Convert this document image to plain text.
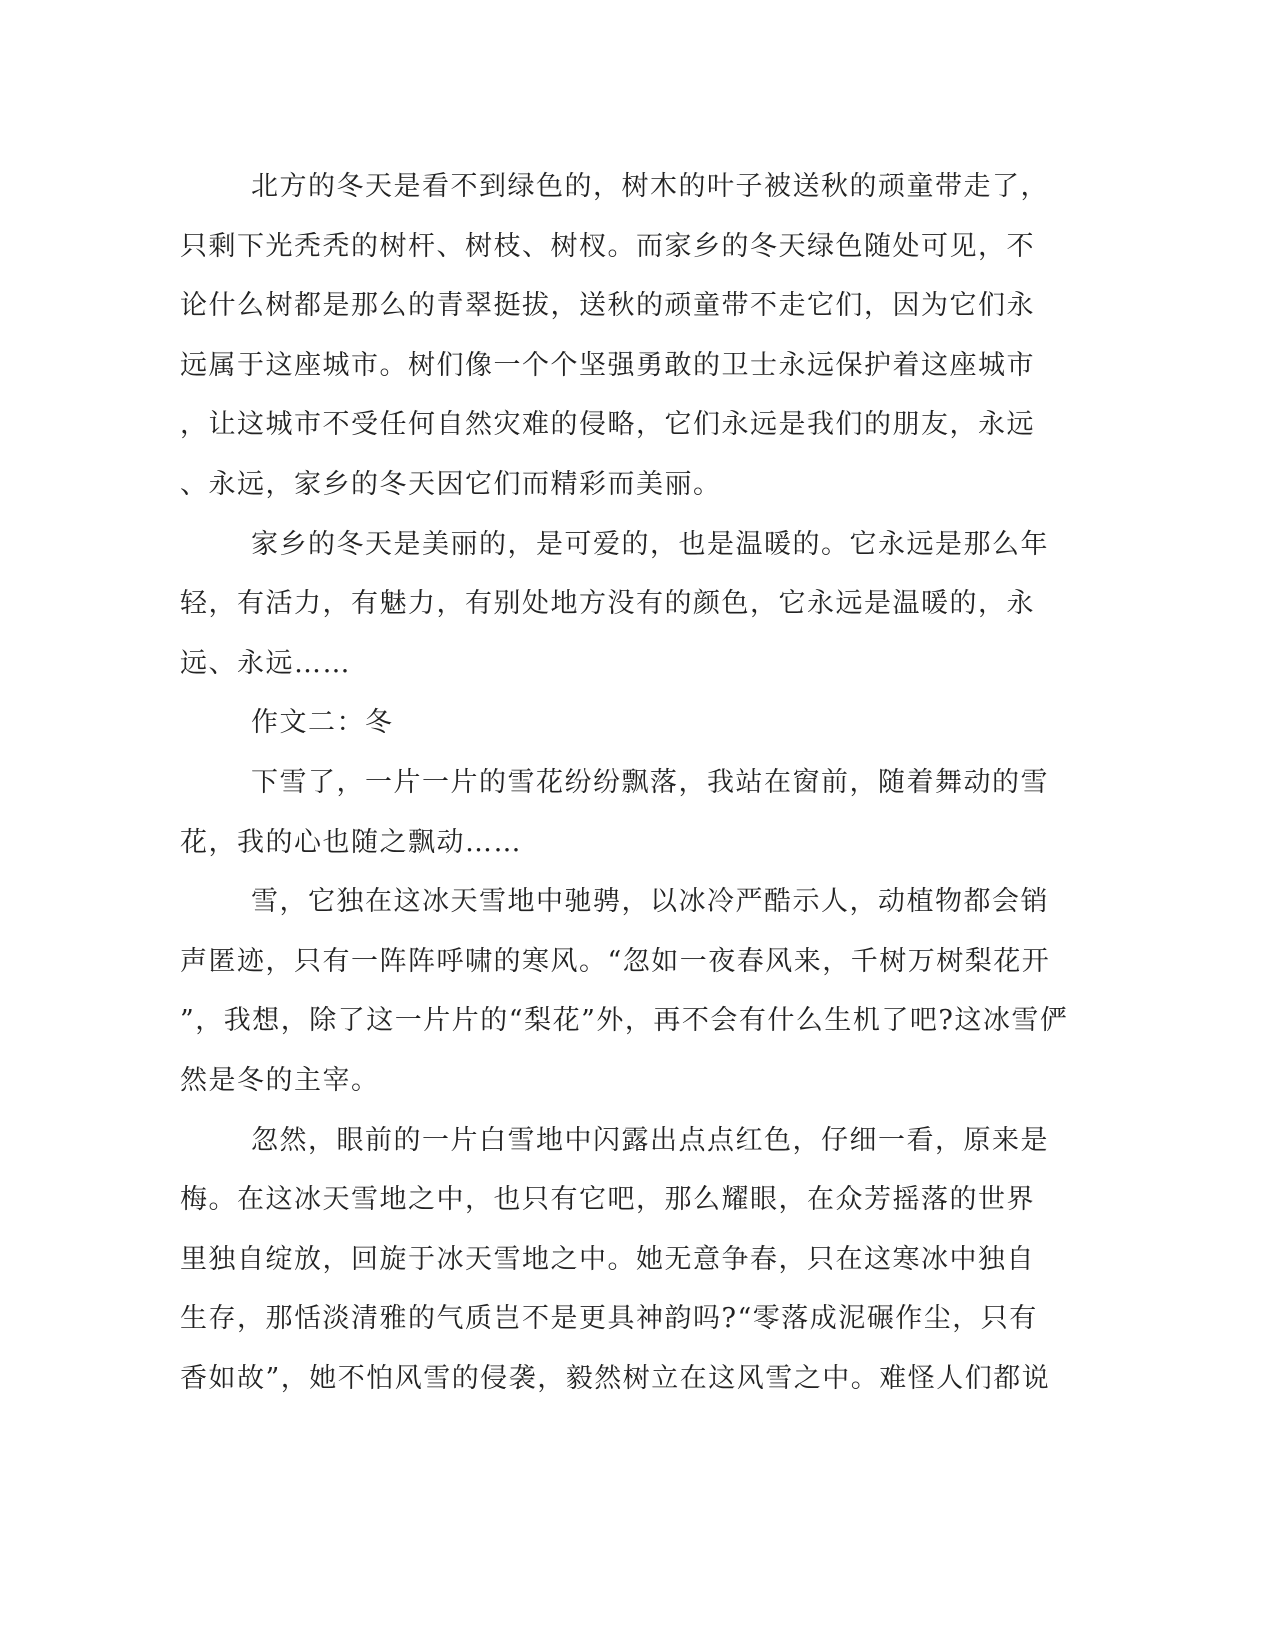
北方的冬天是看不到绿色的，树木的叶子被送秋的顽童带走了，
只剩下光秃秃的树杆、树枝、树杈。而家乡的冬天绿色随处可见，不
论什么树都是那么的青翠挺拔，送秋的顽童带不走它们，因为它们永
远属于这座城市。树们像一个个坚强勇敢的卫士永远保护着这座城市
，让这城市不受任何自然灾难的侵略，它们永远是我们的朋友，永远
、永远，家乡的冬天因它们而精彩而美丽。
家乡的冬天是美丽的，是可爱的，也是温暖的。它永远是那么年
轻，有活力，有魅力，有别处地方没有的颜色，它永远是温暖的，永
远、永远……
作文二：冬
下雪了，一片一片的雪花纷纷飘落，我站在窗前，随着舞动的雪
花，我的心也随之飘动……
雪，它独在这冰天雪地中驰骋，以冰冷严酷示人，动植物都会销
声匿迹，只有一阵阵呼啸的寒风。“忽如一夜春风来，千树万树梨花开
”，我想，除了这一片片的“梨花”外，再不会有什么生机了吧?这冰雪俨
然是冬的主宰。
忽然，眼前的一片白雪地中闪露出点点红色，仔细一看，原来是
梅。在这冰天雪地之中，也只有它吧，那么耀眼，在众芳摇落的世界
里独自绽放，回旋于冰天雪地之中。她无意争春，只在这寒冰中独自
生存，那恬淡清雅的气质岂不是更具神韵吗?“零落成泥碾作尘，只有
香如故”，她不怕风雪的侵袭，毅然树立在这风雪之中。难怪人们都说
